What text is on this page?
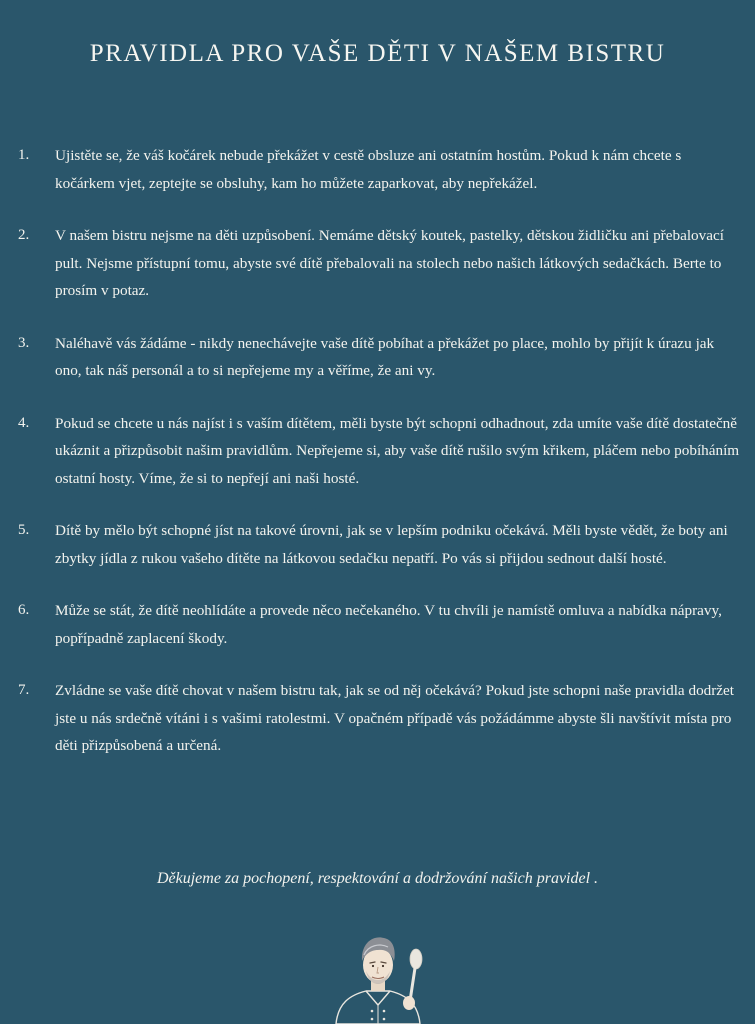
PRAVIDLA PRO VAŠE DĚTI V NAŠEM BISTRU
1.	Ujistěte se, že váš kočárek nebude překážet v cestě obsluze ani ostatním hostům. Pokud k nám chcete s kočárkem vjet, zeptejte se obsluhy, kam ho můžete zaparkovat, aby nepřekážel.
2.	V našem bistru nejsme na děti uzpůsobení. Nemáme dětský koutek, pastelky, dětskou židličku ani přebalovací pult. Nejsme přístupní tomu, abyste své dítě přebalovali na stolech nebo našich látkových sedačkách. Berte to prosím v potaz.
3.	Naléhavě vás žádáme - nikdy nenechávejte vaše dítě pobíhat a překážet po place, mohlo by přijít k úrazu jak ono, tak náš personál a to si nepřejeme my a věříme, že ani vy.
4.	Pokud se chcete u nás najíst i s vaším dítětem, měli byste být schopni odhadnout, zda umíte vaše dítě dostatečně ukáznit a přizpůsobit našim pravidlům. Nepřejeme si, aby vaše dítě rušilo svým křikem, pláčem nebo pobíháním ostatní hosty. Víme, že si to nepřejí ani naši hosté.
5.	Dítě by mělo být schopné jíst na takové úrovni, jak se v lepším podniku očekává. Měli byste vědět, že boty ani zbytky jídla z rukou vašeho dítěte na látkovou sedačku nepatří. Po vás si přijdou sednout další hosté.
6.	Může se stát, že dítě neohlídáte a provede něco nečekaného. V tu chvíli je namístě omluva a nabídka nápravy, popřípadně zaplacení škody.
7.	Zvládne se vaše dítě chovat v našem bistru tak, jak se od něj očekává? Pokud jste schopni naše pravidla dodržet jste u nás srdečně vítáni i s vašimi ratolestmi. V opačném případě vás požádámme abyste šli navštívit místa pro děti přizpůsobená a určená.
Děkujeme za pochopení, respektování a dodržování našich pravidel .
